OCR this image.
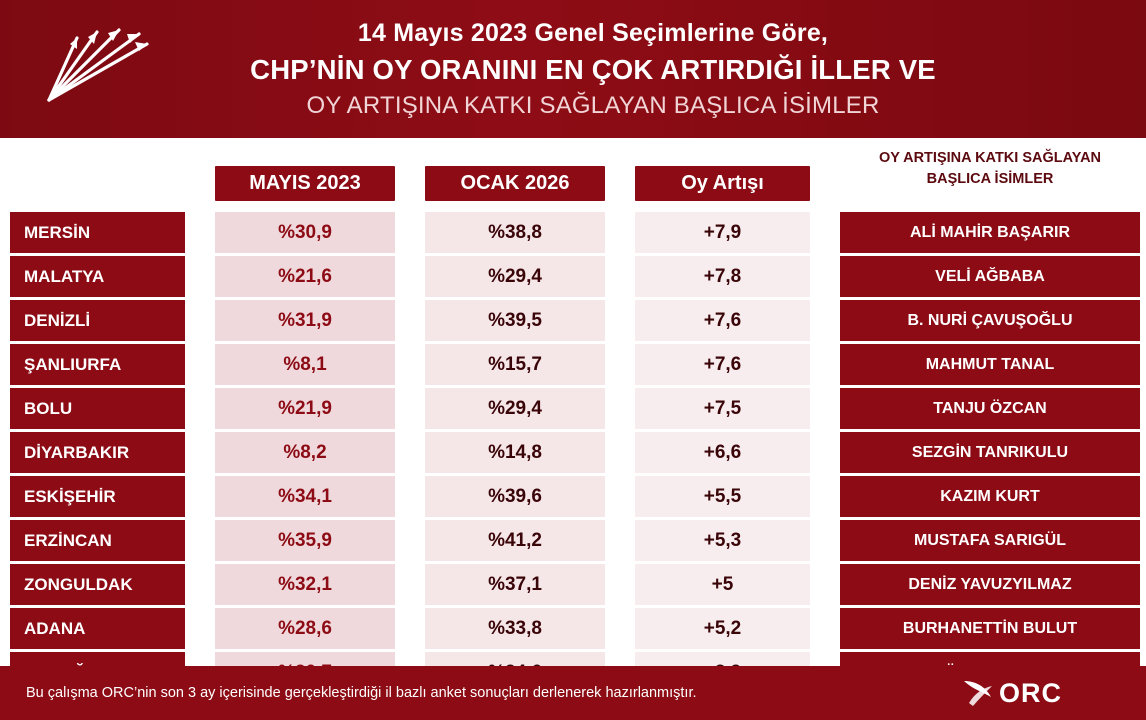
14 Mayıs 2023 Genel Seçimlerine Göre,
CHP’NİN OY ORANINI EN ÇOK ARTIRDIĞI İLLER VE
OY ARTIŞINA KATKI SAĞLAYAN BAŞLICA İSİMLER
MAYIS 2023	OCAK 2026	Oy Artışı
OY ARTIŞINA KATKI SAĞLAYAN
BAŞLICA İSİMLER
MERSİN	%30,9	%38,8	+7,9	ALİ MAHİR BAŞARIR
MALATYA	%21,6	%29,4	+7,8	VELİ AĞBABA
DENİZLİ	%31,9	%39,5	+7,6	B. NURİ ÇAVUŞOĞLU
ŞANLIURFA	%8,1	%15,7	+7,6	MAHMUT TANAL
BOLU	%21,9	%29,4	+7,5	TANJU ÖZCAN
DİYARBAKIR	%8,2	%14,8	+6,6	SEZGİN TANRIKULU
ESKİŞEHİR	%34,1	%39,6	+5,5	KAZIM KURT
ERZİNCAN	%35,9	%41,2	+5,3	MUSTAFA SARIGÜL
ZONGULDAK	%32,1	%37,1	+5	DENİZ YAVUZYILMAZ
ADANA	%28,6	%33,8	+5,2	BURHANETTİN BULUT
Bu çalışma ORC’nin son 3 ay içerisinde gerçekleştirdiği il bazlı anket sonuçları derlenerek hazırlanmıştır.	ORC
